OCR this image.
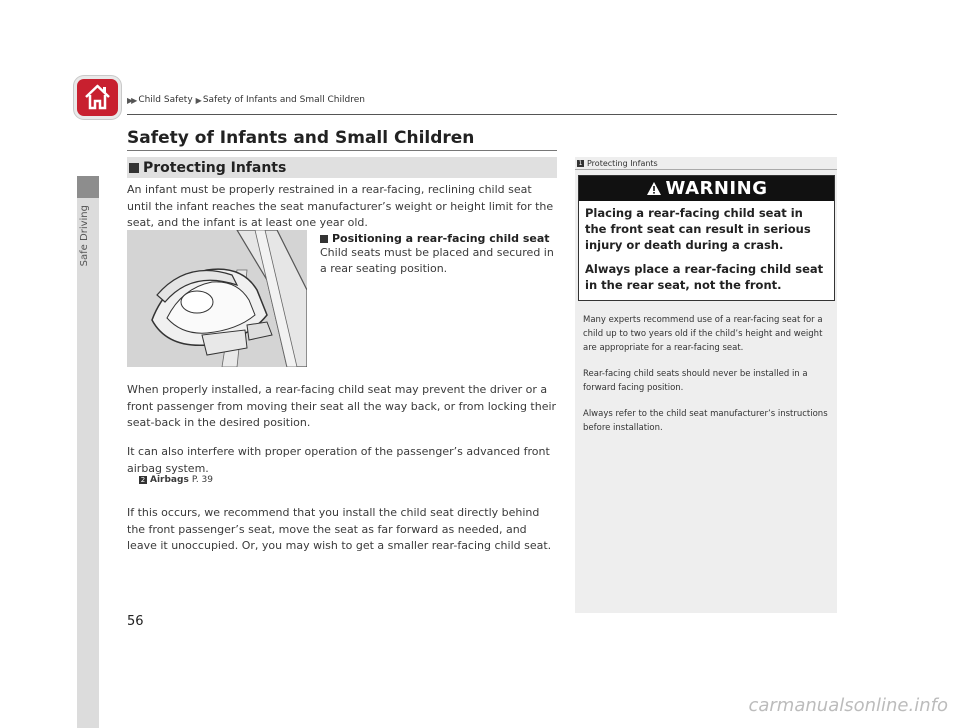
Safe Driving
▶▶ Child Safety ▶ Safety of Infants and Small Children
Safety of Infants and Small Children
Protecting Infants
An infant must be properly restrained in a rear-facing, reclining child seat until the infant reaches the seat manufacturer’s weight or height limit for the seat, and the infant is at least one year old.
Positioning a rear-facing child seat
Child seats must be placed and secured in a rear seating position.
When properly installed, a rear-facing child seat may prevent the driver or a front passenger from moving their seat all the way back, or from locking their seat-back in the desired position.
It can also interfere with proper operation of the passenger’s advanced front airbag system.
2 Airbags P. 39
If this occurs, we recommend that you install the child seat directly behind the front passenger’s seat, move the seat as far forward as needed, and leave it unoccupied. Or, you may wish to get a smaller rear-facing child seat.
1 Protecting Infants
WARNING

Placing a rear-facing child seat in the front seat can result in serious injury or death during a crash.

Always place a rear-facing child seat in the rear seat, not the front.

Many experts recommend use of a rear-facing seat for a child up to two years old if the child’s height and weight are appropriate for a rear-facing seat.
Rear-facing child seats should never be installed in a forward facing position.
Always refer to the child seat manufacturer’s instructions before installation.
56
carmanualsonline.info
